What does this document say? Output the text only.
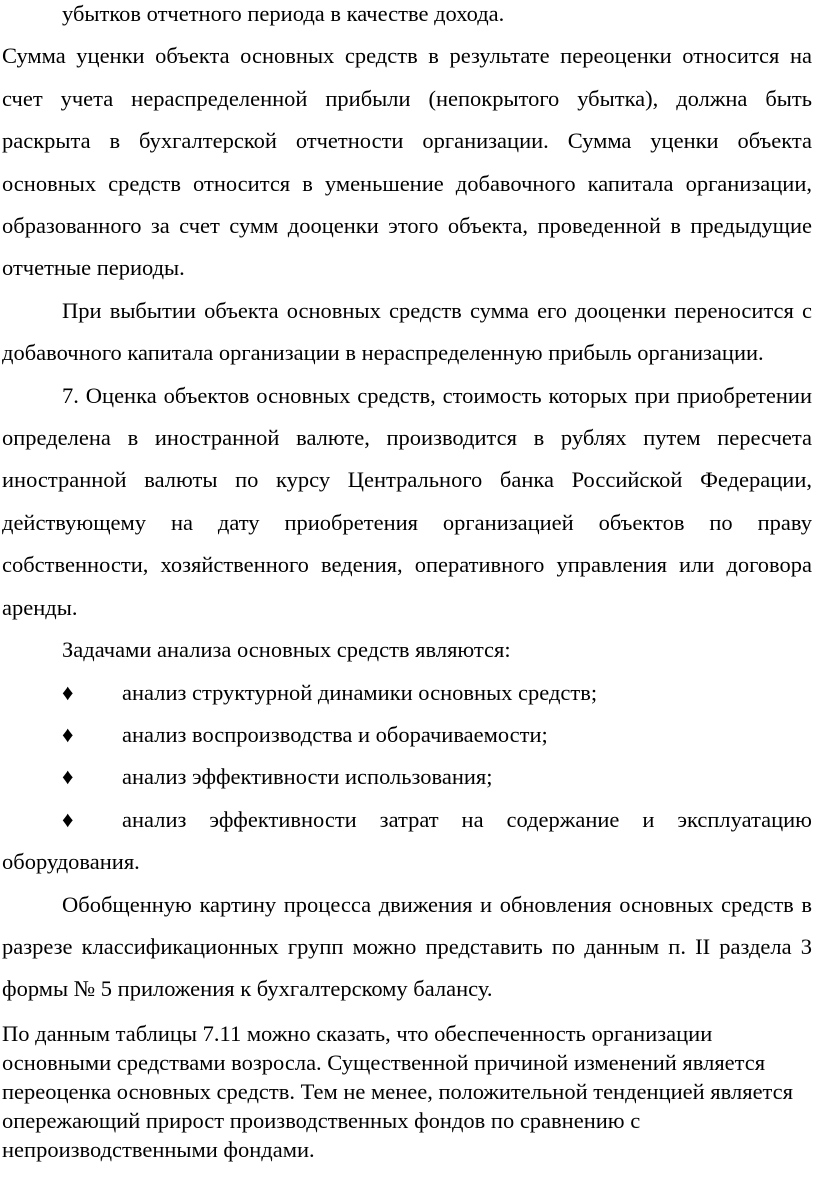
убытков отчетного периода в качестве дохода.

Сумма уценки объекта основных средств в результате переоценки относится на счет учета нераспределенной прибыли (непокрытого убытка), должна быть раскрыта в бухгалтерской отчетности организации. Сумма уценки объекта основных средств относится в уменьшение добавочного капитала организации, образованного за счет сумм дооценки этого объекта, проведенной в предыдущие отчетные периоды.

При выбытии объекта основных средств сумма его дооценки переносится с добавочного капитала организации в нераспределенную прибыль организации.

7. Оценка объектов основных средств, стоимость которых при приобретении определена в иностранной валюте, производится в рублях путем пересчета иностранной валюты по курсу Центрального банка Российской Федерации, действующему на дату приобретения организацией объектов по праву собственности, хозяйственного ведения, оперативного управления или договора аренды.

Задачами анализа основных средств являются:

♦	анализ структурной динамики основных средств;
♦	анализ воспроизводства и оборачиваемости;
♦	анализ эффективности использования;
♦	анализ эффективности затрат на содержание и эксплуатацию

оборудования.

Обобщенную картину процесса движения и обновления основных средств в разрезе классификационных групп можно представить по данным п. II раздела 3 формы № 5 приложения к бухгалтерскому балансу.

По данным таблицы 7.11 можно сказать, что обеспеченность организации основными средствами возросла. Существенной причиной изменений является переоценка основных средств. Тем не менее, положительной тенденцией является опережающий прирост производственных фондов по сравнению с непроизводственными фондами.
